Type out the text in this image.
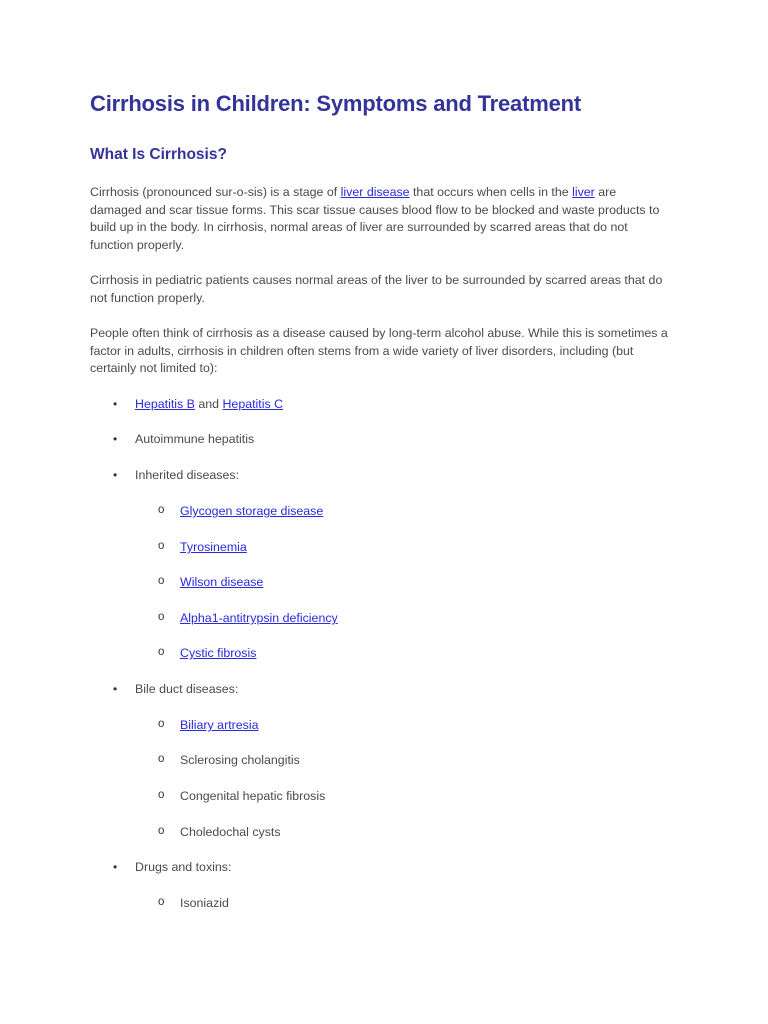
Cirrhosis in Children: Symptoms and Treatment
What Is Cirrhosis?

Cirrhosis (pronounced sur-o-sis) is a stage of liver disease that occurs when cells in the liver are damaged and scar tissue forms. This scar tissue causes blood flow to be blocked and waste products to build up in the body. In cirrhosis, normal areas of liver are surrounded by scarred areas that do not function properly.

Cirrhosis in pediatric patients causes normal areas of the liver to be surrounded by scarred areas that do not function properly.

People often think of cirrhosis as a disease caused by long-term alcohol abuse. While this is sometimes a factor in adults, cirrhosis in children often stems from a wide variety of liver disorders, including (but certainly not limited to):

• Hepatitis B and Hepatitis C
• Autoimmune hepatitis
• Inherited diseases:
o Glycogen storage disease
o Tyrosinemia
o Wilson disease
o Alpha1-antitrypsin deficiency
o Cystic fibrosis
• Bile duct diseases:
o Biliary artresia
o Sclerosing cholangitis
o Congenital hepatic fibrosis
o Choledochal cysts
• Drugs and toxins:
o Isoniazid
